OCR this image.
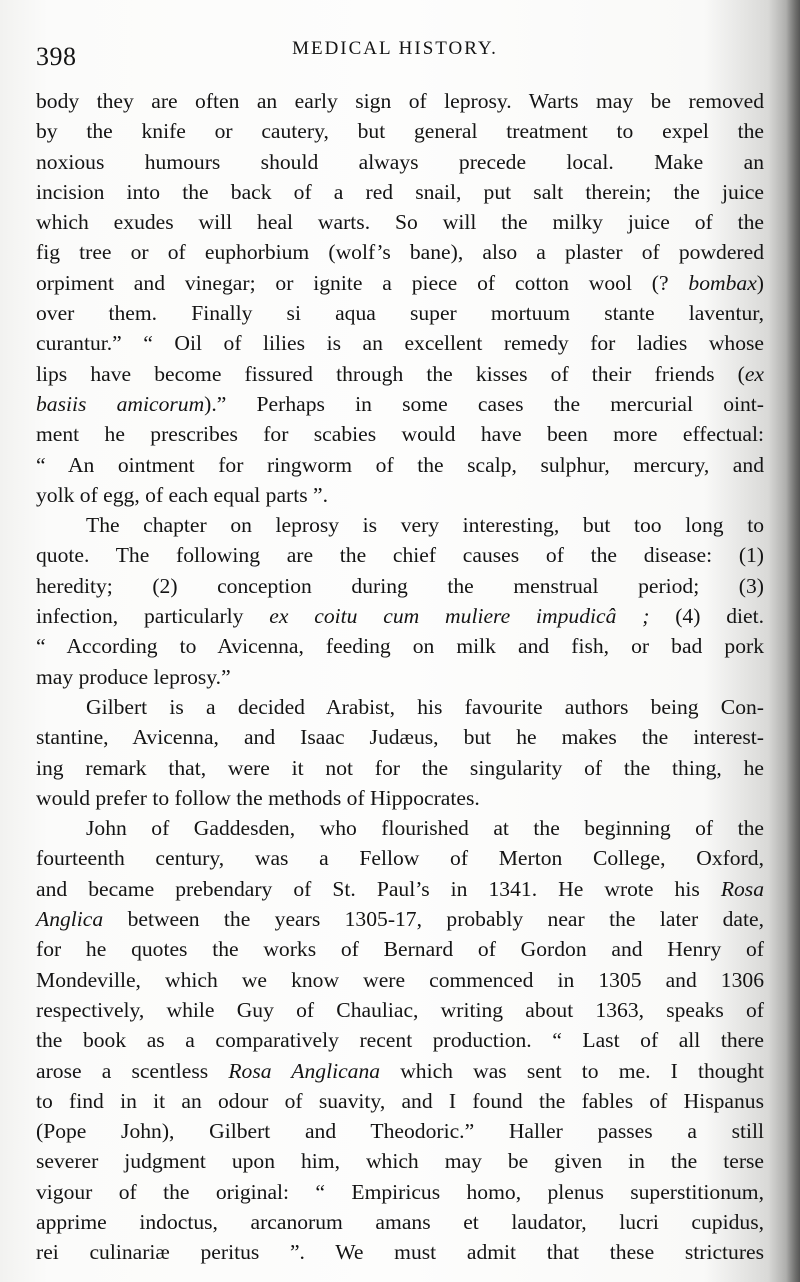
398	MEDICAL HISTORY.
body they are often an early sign of leprosy. Warts may be removed
by the knife or cautery, but general treatment to expel the
noxious humours should always precede local. Make an
incision into the back of a red snail, put salt therein; the juice
which exudes will heal warts. So will the milky juice of the
fig tree or of euphorbium (wolf’s bane), also a plaster of powdered
orpiment and vinegar; or ignite a piece of cotton wool (? bombax)
over them. Finally si aqua super mortuum stante laventur,
curantur.” “ Oil of lilies is an excellent remedy for ladies whose
lips have become fissured through the kisses of their friends (ex
basiis amicorum).” Perhaps in some cases the mercurial oint-
ment he prescribes for scabies would have been more effectual:
“ An ointment for ringworm of the scalp, sulphur, mercury, and
yolk of egg, of each equal parts ”.
The chapter on leprosy is very interesting, but too long to
quote. The following are the chief causes of the disease: (1)
heredity; (2) conception during the menstrual period; (3)
infection, particularly ex coitu cum muliere impudicâ ; (4) diet.
“ According to Avicenna, feeding on milk and fish, or bad pork
may produce leprosy.”
Gilbert is a decided Arabist, his favourite authors being Con-
stantine, Avicenna, and Isaac Judæus, but he makes the interest-
ing remark that, were it not for the singularity of the thing, he
would prefer to follow the methods of Hippocrates.
John of Gaddesden, who flourished at the beginning of the
fourteenth century, was a Fellow of Merton College, Oxford,
and became prebendary of St. Paul’s in 1341. He wrote his Rosa
Anglica between the years 1305-17, probably near the later date,
for he quotes the works of Bernard of Gordon and Henry of
Mondeville, which we know were commenced in 1305 and 1306
respectively, while Guy of Chauliac, writing about 1363, speaks of
the book as a comparatively recent production. “ Last of all there
arose a scentless Rosa Anglicana which was sent to me. I thought
to find in it an odour of suavity, and I found the fables of Hispanus
(Pope John), Gilbert and Theodoric.” Haller passes a still
severer judgment upon him, which may be given in the terse
vigour of the original: “ Empiricus homo, plenus superstitionum,
apprime indoctus, arcanorum amans et laudator, lucri cupidus,
rei culinariæ peritus ”. We must admit that these strictures
